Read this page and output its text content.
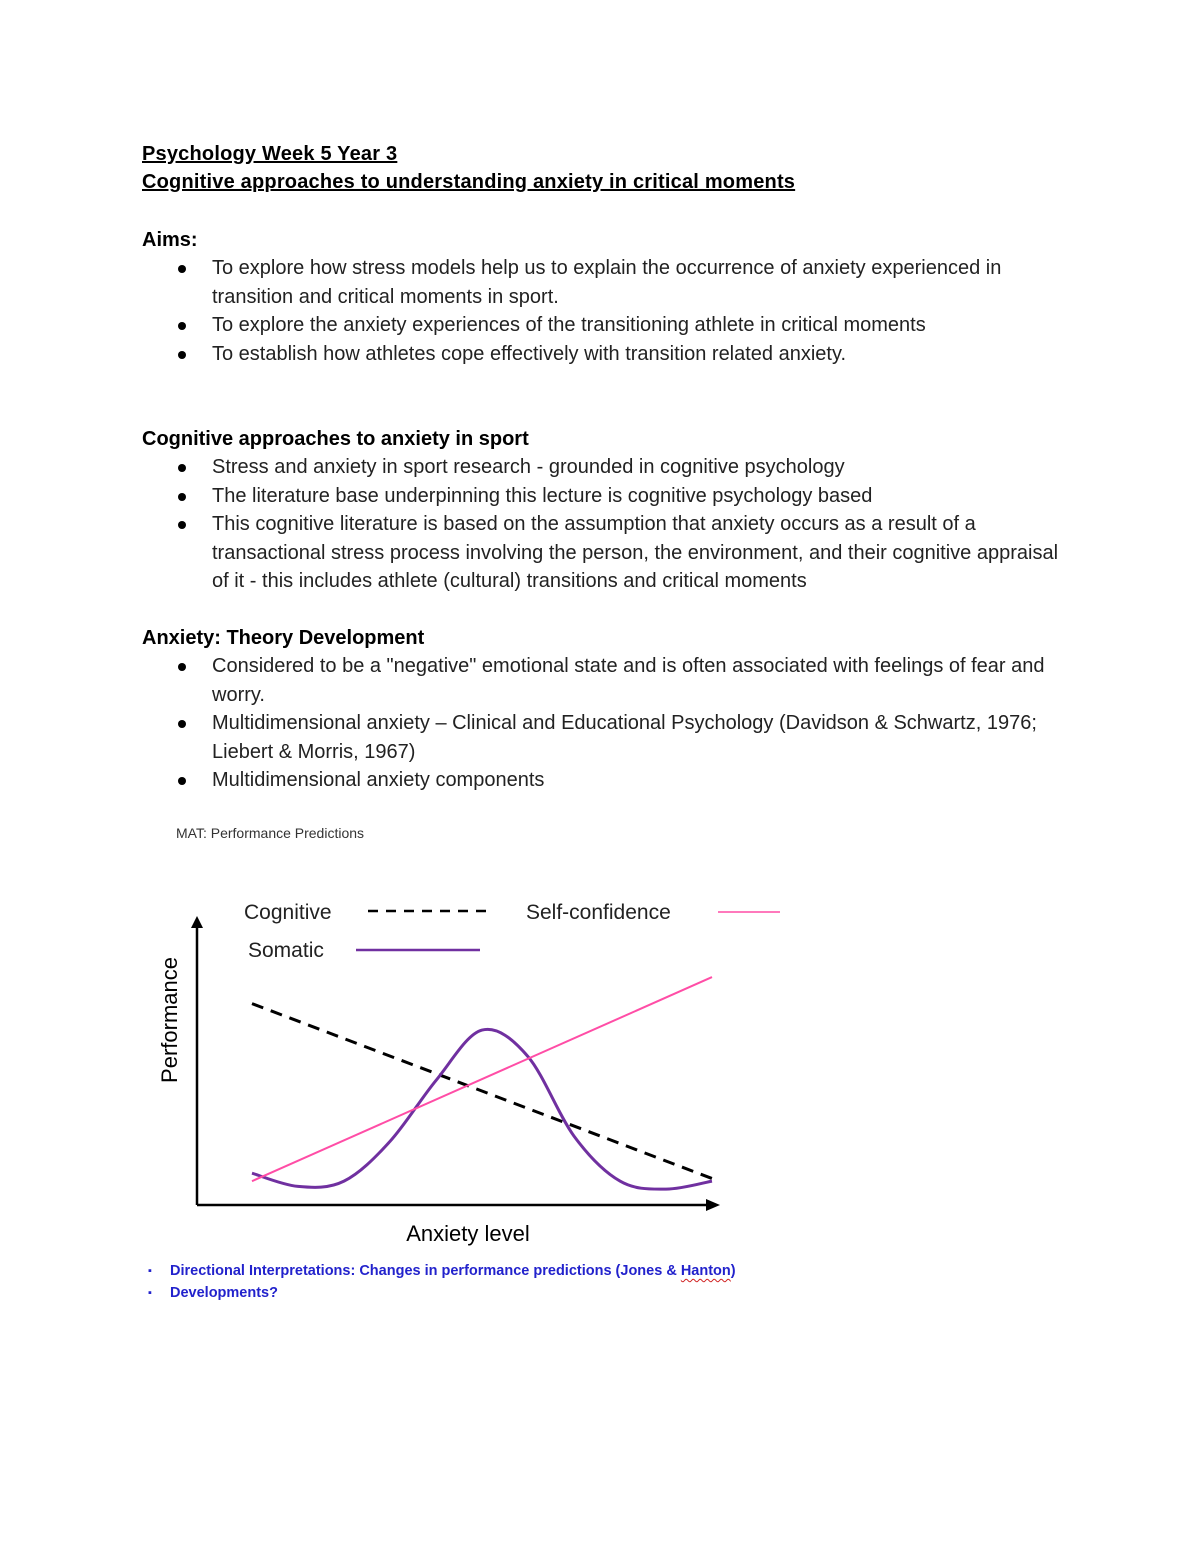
Psychology Week 5 Year 3
Cognitive approaches to understanding anxiety in critical moments
Aims:
To explore how stress models help us to explain the occurrence of anxiety experienced in transition and critical moments in sport.
To explore the anxiety experiences of the transitioning athlete in critical moments
To establish how athletes cope effectively with transition related anxiety.
Cognitive approaches to anxiety in sport
Stress and anxiety in sport research - grounded in cognitive psychology
The literature base underpinning this lecture is cognitive psychology based
This cognitive literature is based on the assumption that anxiety occurs as a result of a transactional stress process involving the person, the environment, and their cognitive appraisal of it - this includes athlete (cultural) transitions and critical moments
Anxiety: Theory Development
Considered to be a "negative" emotional state and is often associated with feelings of fear and worry.
Multidimensional anxiety – Clinical and Educational Psychology (Davidson & Schwartz, 1976; Liebert & Morris, 1967)
Multidimensional anxiety components
MAT: Performance Predictions
Performance
Anxiety level
Cognitive
Somatic
Self-confidence
▪ Directional Interpretations: Changes in performance predictions (Jones & Hanton)
▪ Developments?
